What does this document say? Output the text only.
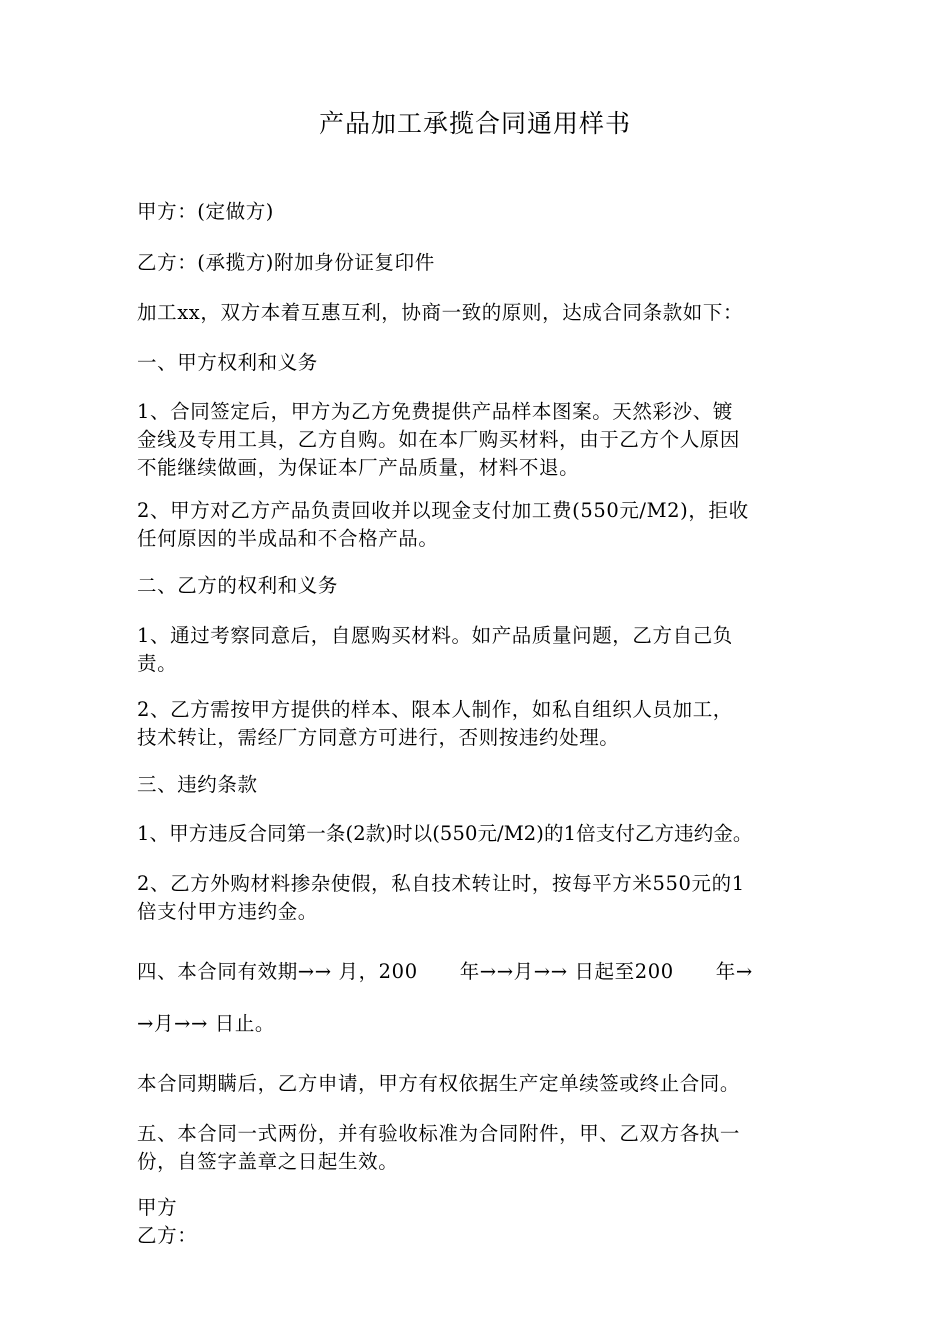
产品加工承揽合同通用样书
甲方：(定做方)
乙方：(承揽方)附加身份证复印件
加工xx，双方本着互惠互利，协商一致的原则，达成合同条款如下：
一、甲方权利和义务
1、合同签定后，甲方为乙方免费提供产品样本图案。天然彩沙、镀
金线及专用工具，乙方自购。如在本厂购买材料，由于乙方个人原因
不能继续做画，为保证本厂产品质量，材料不退。
2、甲方对乙方产品负责回收并以现金支付加工费(550元/M2)，拒收
任何原因的半成品和不合格产品。
二、乙方的权利和义务
1、通过考察同意后，自愿购买材料。如产品质量问题，乙方自己负
责。
2、乙方需按甲方提供的样本、限本人制作，如私自组织人员加工，
技术转让，需经厂方同意方可进行，否则按违约处理。
三、违约条款
1、甲方违反合同第一条(2款)时以(550元/M2)的1倍支付乙方违约金。
2、乙方外购材料掺杂使假，私自技术转让时，按每平方米550元的1
倍支付甲方违约金。
四、本合同有效期→→ 月，200 年→→月→→ 日起至200 年→
→月→→ 日止。
本合同期瞒后，乙方申请，甲方有权依据生产定单续签或终止合同。
五、本合同一式两份，并有验收标准为合同附件，甲、乙双方各执一
份，自签字盖章之日起生效。
甲方
乙方：
